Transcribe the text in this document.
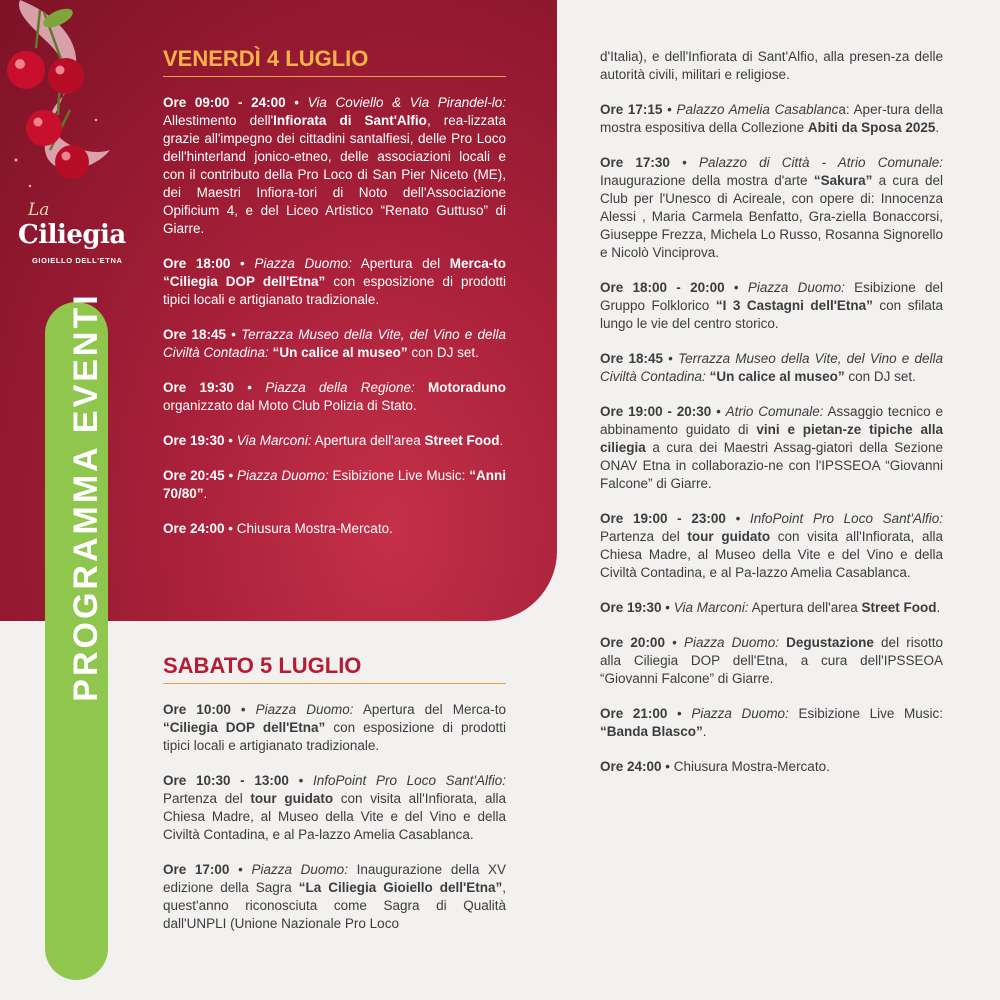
La
Ciliegia
GIOIELLO DELL'ETNA
PROGRAMMA EVENTI
VENERDÌ 4 LUGLIO

Ore 09:00 - 24:00 • Via Coviello & Via Pirandel-lo: Allestimento dell'Infiorata di Sant'Alfio, rea-lizzata grazie all'impegno dei cittadini santalfiesi, delle Pro Loco dell'hinterland jonico-etneo, delle associazioni locali e con il contributo della Pro Loco di San Pier Niceto (ME), dei Maestri Infiora-tori di Noto dell'Associazione Opificium 4, e del Liceo Artistico “Renato Guttuso” di Giarre.

Ore 18:00 • Piazza Duomo: Apertura del Merca-to “Ciliegia DOP dell'Etna” con esposizione di prodotti tipici locali e artigianato tradizionale.

Ore 18:45 • Terrazza Museo della Vite, del Vino e della Civiltà Contadina: “Un calice al museo” con DJ set.

Ore 19:30 • Piazza della Regione: Motoraduno organizzato dal Moto Club Polizia di Stato.

Ore 19:30 • Via Marconi: Apertura dell'area Street Food.

Ore 20:45 • Piazza Duomo: Esibizione Live Music: “Anni 70/80”.

Ore 24:00 • Chiusura Mostra-Mercato.

SABATO 5 LUGLIO

Ore 10:00 • Piazza Duomo: Apertura del Merca-to “Ciliegia DOP dell'Etna” con esposizione di prodotti tipici locali e artigianato tradizionale.

Ore 10:30 - 13:00 • InfoPoint Pro Loco Sant'Alfio: Partenza del tour guidato con visita all'Infiorata, alla Chiesa Madre, al Museo della Vite e del Vino e della Civiltà Contadina, e al Pa-lazzo Amelia Casablanca.

Ore 17:00 • Piazza Duomo: Inaugurazione della XV edizione della Sagra “La Ciliegia Gioiello dell'Etna”, quest'anno riconosciuta come Sagra di Qualità dall'UNPLI (Unione Nazionale Pro Loco

d'Italia), e dell'Infiorata di Sant'Alfio, alla presen-za delle autorità civili, militari e religiose.

Ore 17:15 • Palazzo Amelia Casablanca: Aper-tura della mostra espositiva della Collezione Abiti da Sposa 2025.

Ore 17:30 • Palazzo di Città - Atrio Comunale: Inaugurazione della mostra d'arte “Sakura” a cura del Club per l'Unesco di Acireale, con opere di: Innocenza Alessi , Maria Carmela Benfatto, Gra-ziella Bonaccorsi, Giuseppe Frezza, Michela Lo Russo, Rosanna Signorello e Nicolò Vinciprova.

Ore 18:00 - 20:00 • Piazza Duomo: Esibizione del Gruppo Folklorico “I 3 Castagni dell'Etna” con sfilata lungo le vie del centro storico.

Ore 18:45 • Terrazza Museo della Vite, del Vino e della Civiltà Contadina: “Un calice al museo” con DJ set.

Ore 19:00 - 20:30 • Atrio Comunale: Assaggio tecnico e abbinamento guidato di vini e pietan-ze tipiche alla ciliegia a cura dei Maestri Assag-giatori della Sezione ONAV Etna in collaborazio-ne con l'IPSSEOA “Giovanni Falcone” di Giarre.

Ore 19:00 - 23:00 • InfoPoint Pro Loco Sant'Alfio: Partenza del tour guidato con visita all'Infiorata, alla Chiesa Madre, al Museo della Vite e del Vino e della Civiltà Contadina, e al Pa-lazzo Amelia Casablanca.

Ore 19:30 • Via Marconi: Apertura dell'area Street Food.

Ore 20:00 • Piazza Duomo: Degustazione del risotto alla Ciliegia DOP dell'Etna, a cura dell'IPSSEOA “Giovanni Falcone” di Giarre.

Ore 21:00 • Piazza Duomo: Esibizione Live Music: “Banda Blasco”.

Ore 24:00 • Chiusura Mostra-Mercato.
